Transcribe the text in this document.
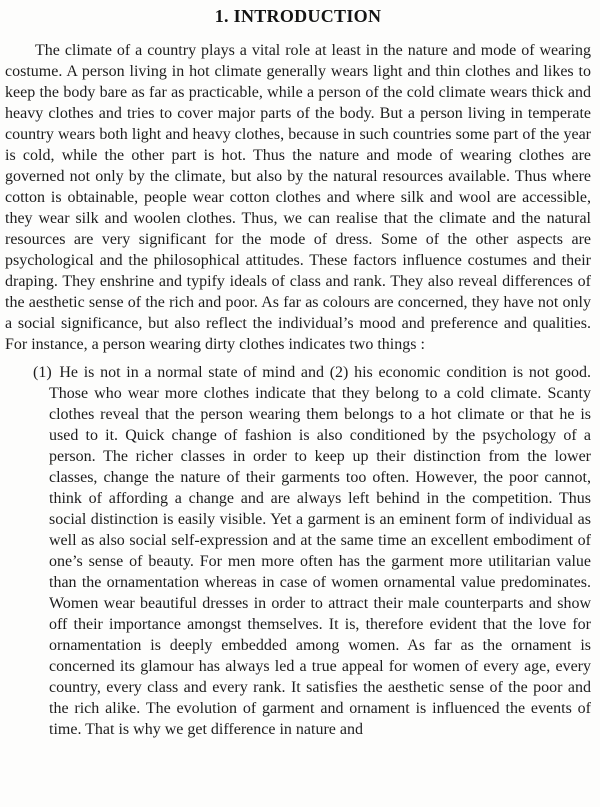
1. INTRODUCTION

The climate of a country plays a vital role at least in the nature and mode of wearing costume. A person living in hot climate generally wears light and thin clothes and likes to keep the body bare as far as practicable, while a person of the cold climate wears thick and heavy clothes and tries to cover major parts of the body. But a person living in temperate country wears both light and heavy clothes, because in such countries some part of the year is cold, while the other part is hot. Thus the nature and mode of wearing clothes are governed not only by the climate, but also by the natural resources available. Thus where cotton is obtainable, people wear cotton clothes and where silk and wool are accessible, they wear silk and woolen clothes. Thus, we can realise that the climate and the natural resources are very significant for the mode of dress. Some of the other aspects are psychological and the philosophical attitudes. These factors influence costumes and their draping. They enshrine and typify ideals of class and rank. They also reveal differences of the aesthetic sense of the rich and poor. As far as colours are concerned, they have not only a social significance, but also reflect the individual’s mood and preference and qualities. For instance, a person wearing dirty clothes indicates two things :

(1) He is not in a normal state of mind and (2) his economic condition is not good. Those who wear more clothes indicate that they belong to a cold climate. Scanty clothes reveal that the person wearing them belongs to a hot climate or that he is used to it. Quick change of fashion is also conditioned by the psychology of a person. The richer classes in order to keep up their distinction from the lower classes, change the nature of their garments too often. However, the poor cannot, think of affording a change and are always left behind in the competition. Thus social distinction is easily visible. Yet a garment is an eminent form of individual as well as also social self-expression and at the same time an excellent embodiment of one’s sense of beauty. For men more often has the garment more utilitarian value than the ornamentation whereas in case of women ornamental value predominates. Women wear beautiful dresses in order to attract their male counterparts and show off their importance amongst themselves. It is, therefore evident that the love for ornamentation is deeply embedded among women. As far as the ornament is concerned its glamour has always led a true appeal for women of every age, every country, every class and every rank. It satisfies the aesthetic sense of the poor and the rich alike. The evolution of garment and ornament is influenced the events of time. That is why we get difference in nature and
